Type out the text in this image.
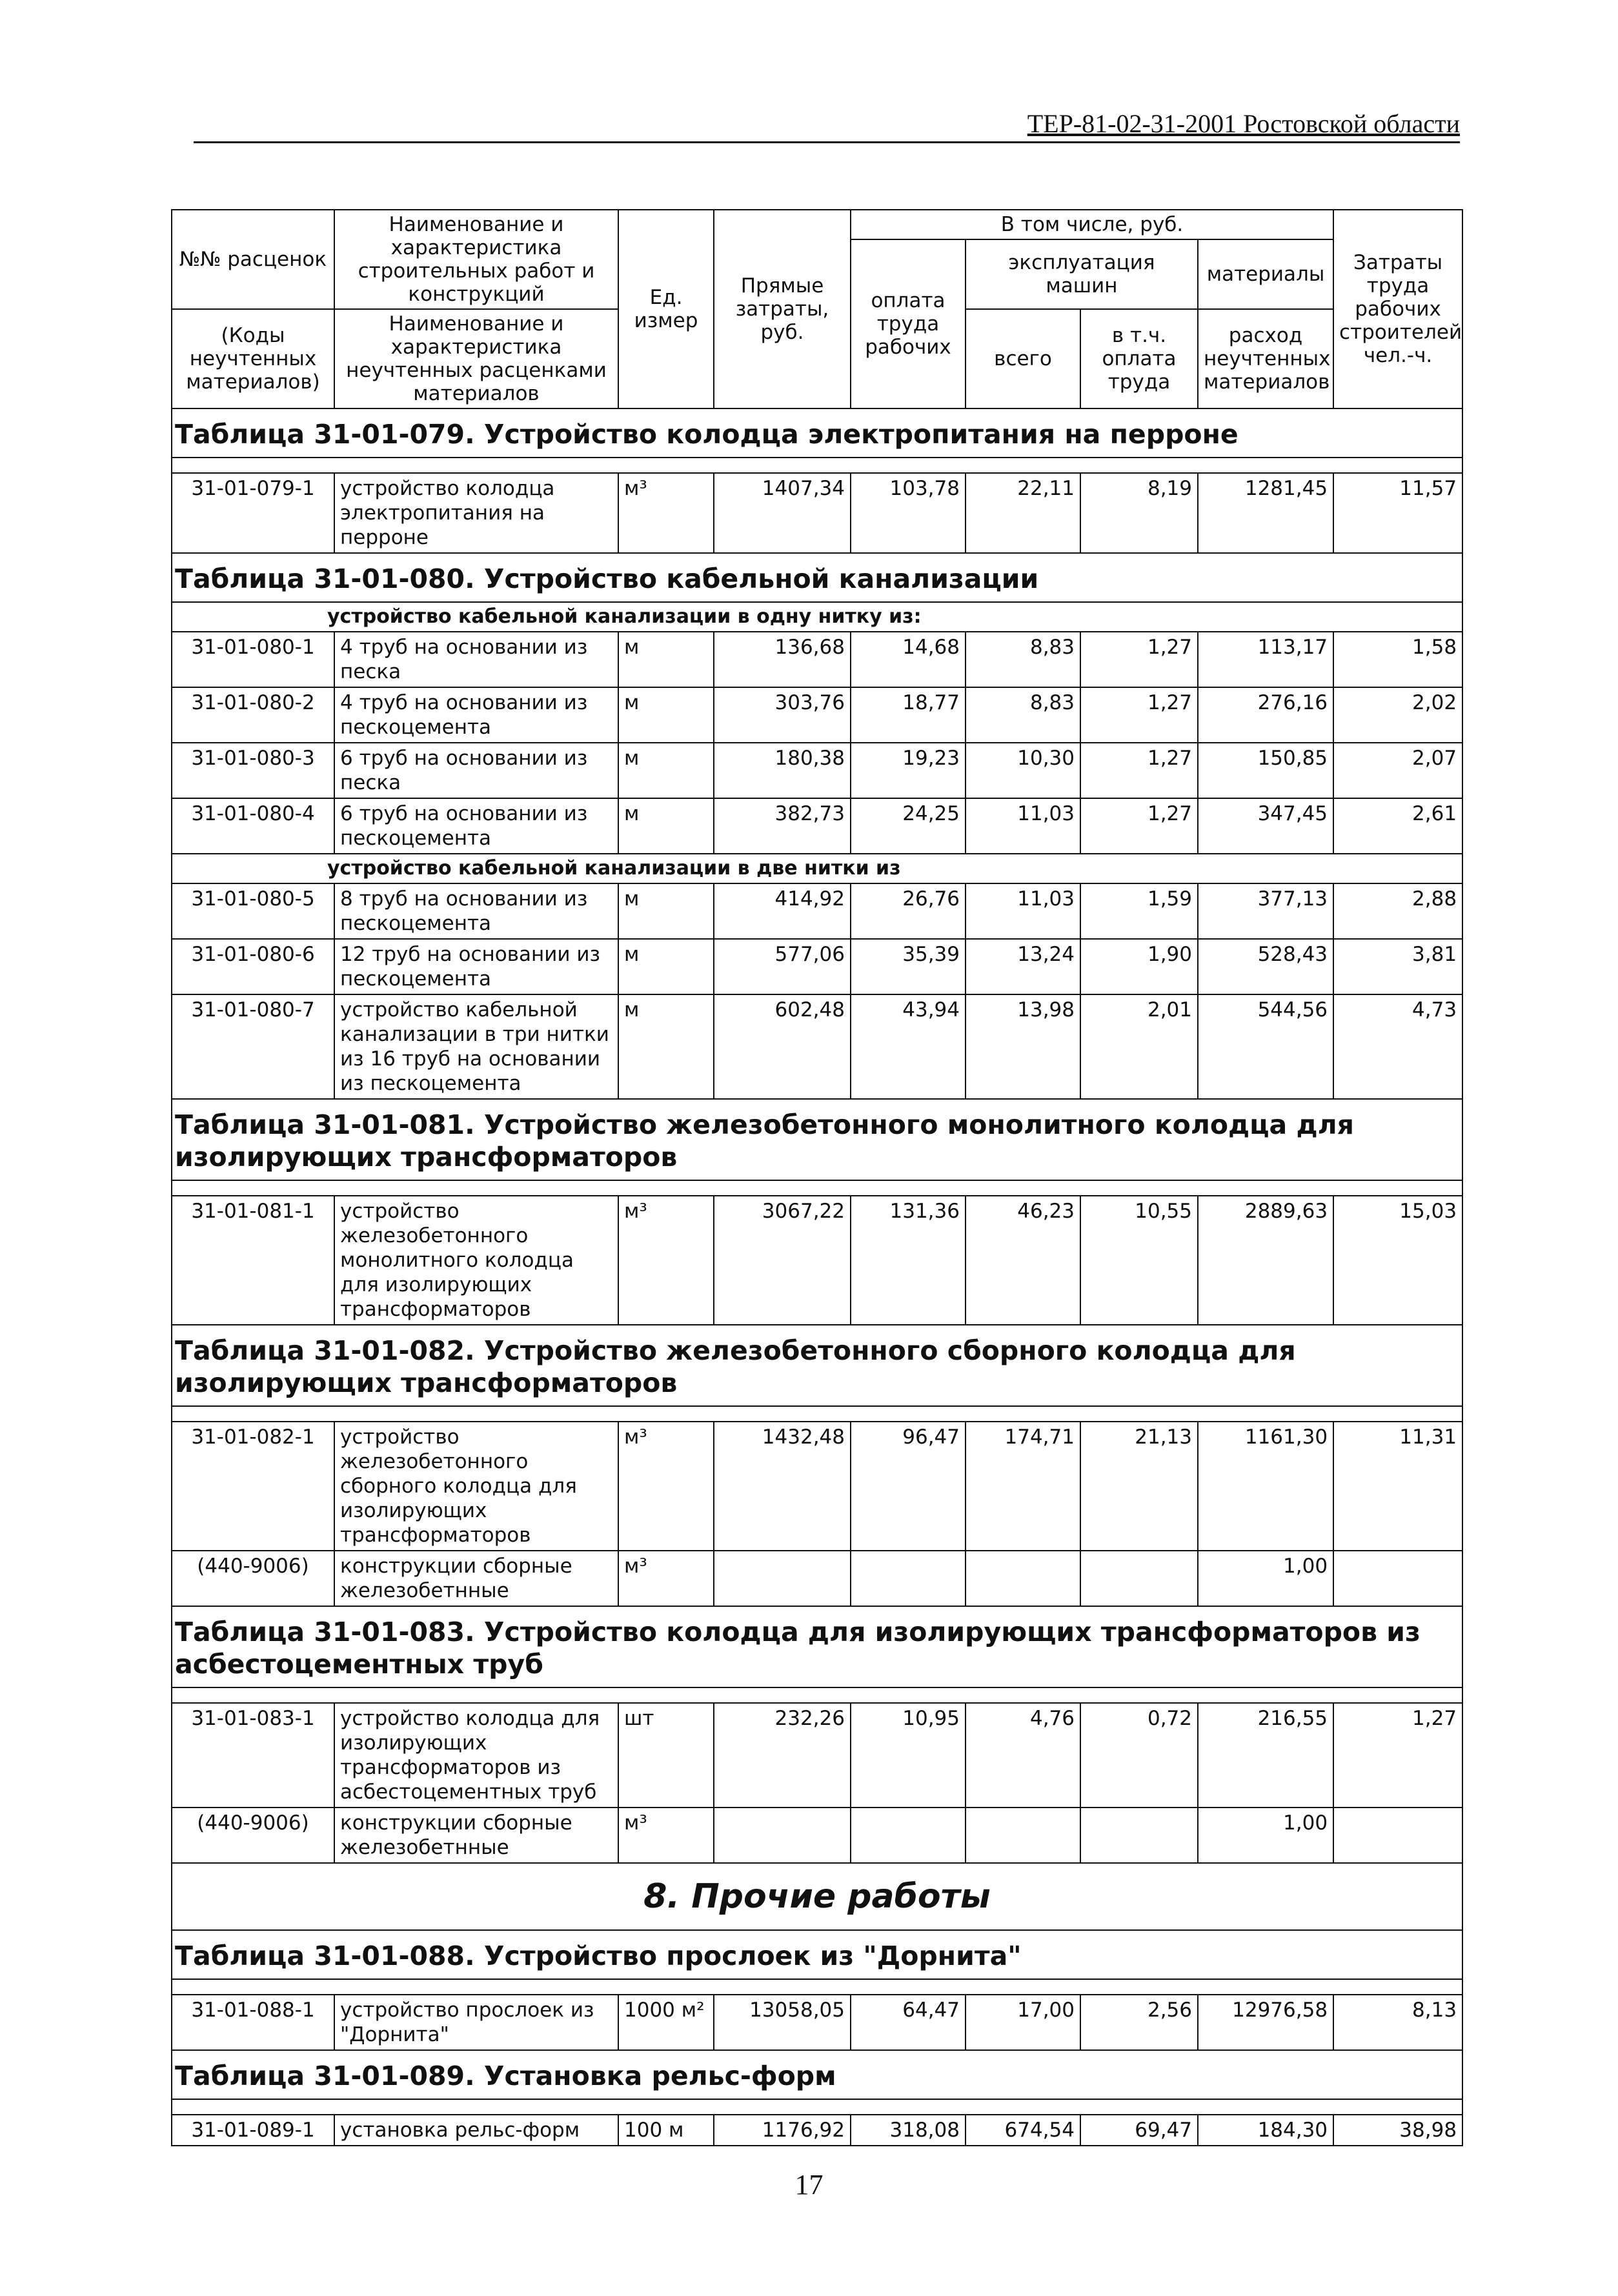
ТЕР-81-02-31-2001 Ростовской области
№№ расценок	Наименование и характеристика строительных работ и конструкций	Ед. измер	Прямые затраты, руб.	В том числе, руб.				Затраты труда рабочих строителей
чел.-ч.

				оплата труда рабочих	эксплуатация машин		материалы	
(Коды неучтенных материалов)	Наименование и характеристика неучтенных расценками материалов				всего	в т.ч. оплата труда	расход неучтенных материалов	
Таблица 31-01-079. Устройство колодца электропитания на перроне								

31-01-079-1	устройство колодца электропитания на перроне	м³	1407,34	103,78	22,11	8,19	1281,45	11,57
Таблица 31-01-080. Устройство кабельной канализации								
устройство кабельной канализации в одну нитку из:								
31-01-080-1	4 труб на основании из песка	м	136,68	14,68	8,83	1,27	113,17	1,58
31-01-080-2	4 труб на основании из пескоцемента	м	303,76	18,77	8,83	1,27	276,16	2,02
31-01-080-3	6 труб на основании из песка	м	180,38	19,23	10,30	1,27	150,85	2,07
31-01-080-4	6 труб на основании из пескоцемента	м	382,73	24,25	11,03	1,27	347,45	2,61
устройство кабельной канализации в две нитки из								
31-01-080-5	8 труб на основании из пескоцемента	м	414,92	26,76	11,03	1,59	377,13	2,88
31-01-080-6	12 труб на основании из пескоцемента	м	577,06	35,39	13,24	1,90	528,43	3,81
31-01-080-7	устройство кабельной канализации в три нитки из 16 труб на основании из пескоцемента	м	602,48	43,94	13,98	2,01	544,56	4,73
Таблица 31-01-081. Устройство железобетонного монолитного колодца для изолирующих трансформаторов								

31-01-081-1	устройство железобетонного монолитного колодца для изолирующих трансформаторов	м³	3067,22	131,36	46,23	10,55	2889,63	15,03
Таблица 31-01-082. Устройство железобетонного сборного колодца для изолирующих трансформаторов								

31-01-082-1	устройство железобетонного сборного колодца для изолирующих трансформаторов	м³	1432,48	96,47	174,71	21,13	1161,30	11,31
(440-9006)	конструкции сборные железобетнные	м³					1,00	
Таблица 31-01-083. Устройство колодца для изолирующих трансформаторов из асбестоцементных труб								

31-01-083-1	устройство колодца для изолирующих трансформаторов из асбестоцементных труб	шт	232,26	10,95	4,76	0,72	216,55	1,27
(440-9006)	конструкции сборные железобетнные	м³					1,00	
8. Прочие работы								
Таблица 31-01-088. Устройство прослоек из "Дорнита"								

31-01-088-1	устройство прослоек из "Дорнита"	1000 м²	13058,05	64,47	17,00	2,56	12976,58	8,13
Таблица 31-01-089. Установка рельс-форм								

31-01-089-1	установка рельс-форм	100 м	1176,92	318,08	674,54	69,47	184,30	38,98
17
